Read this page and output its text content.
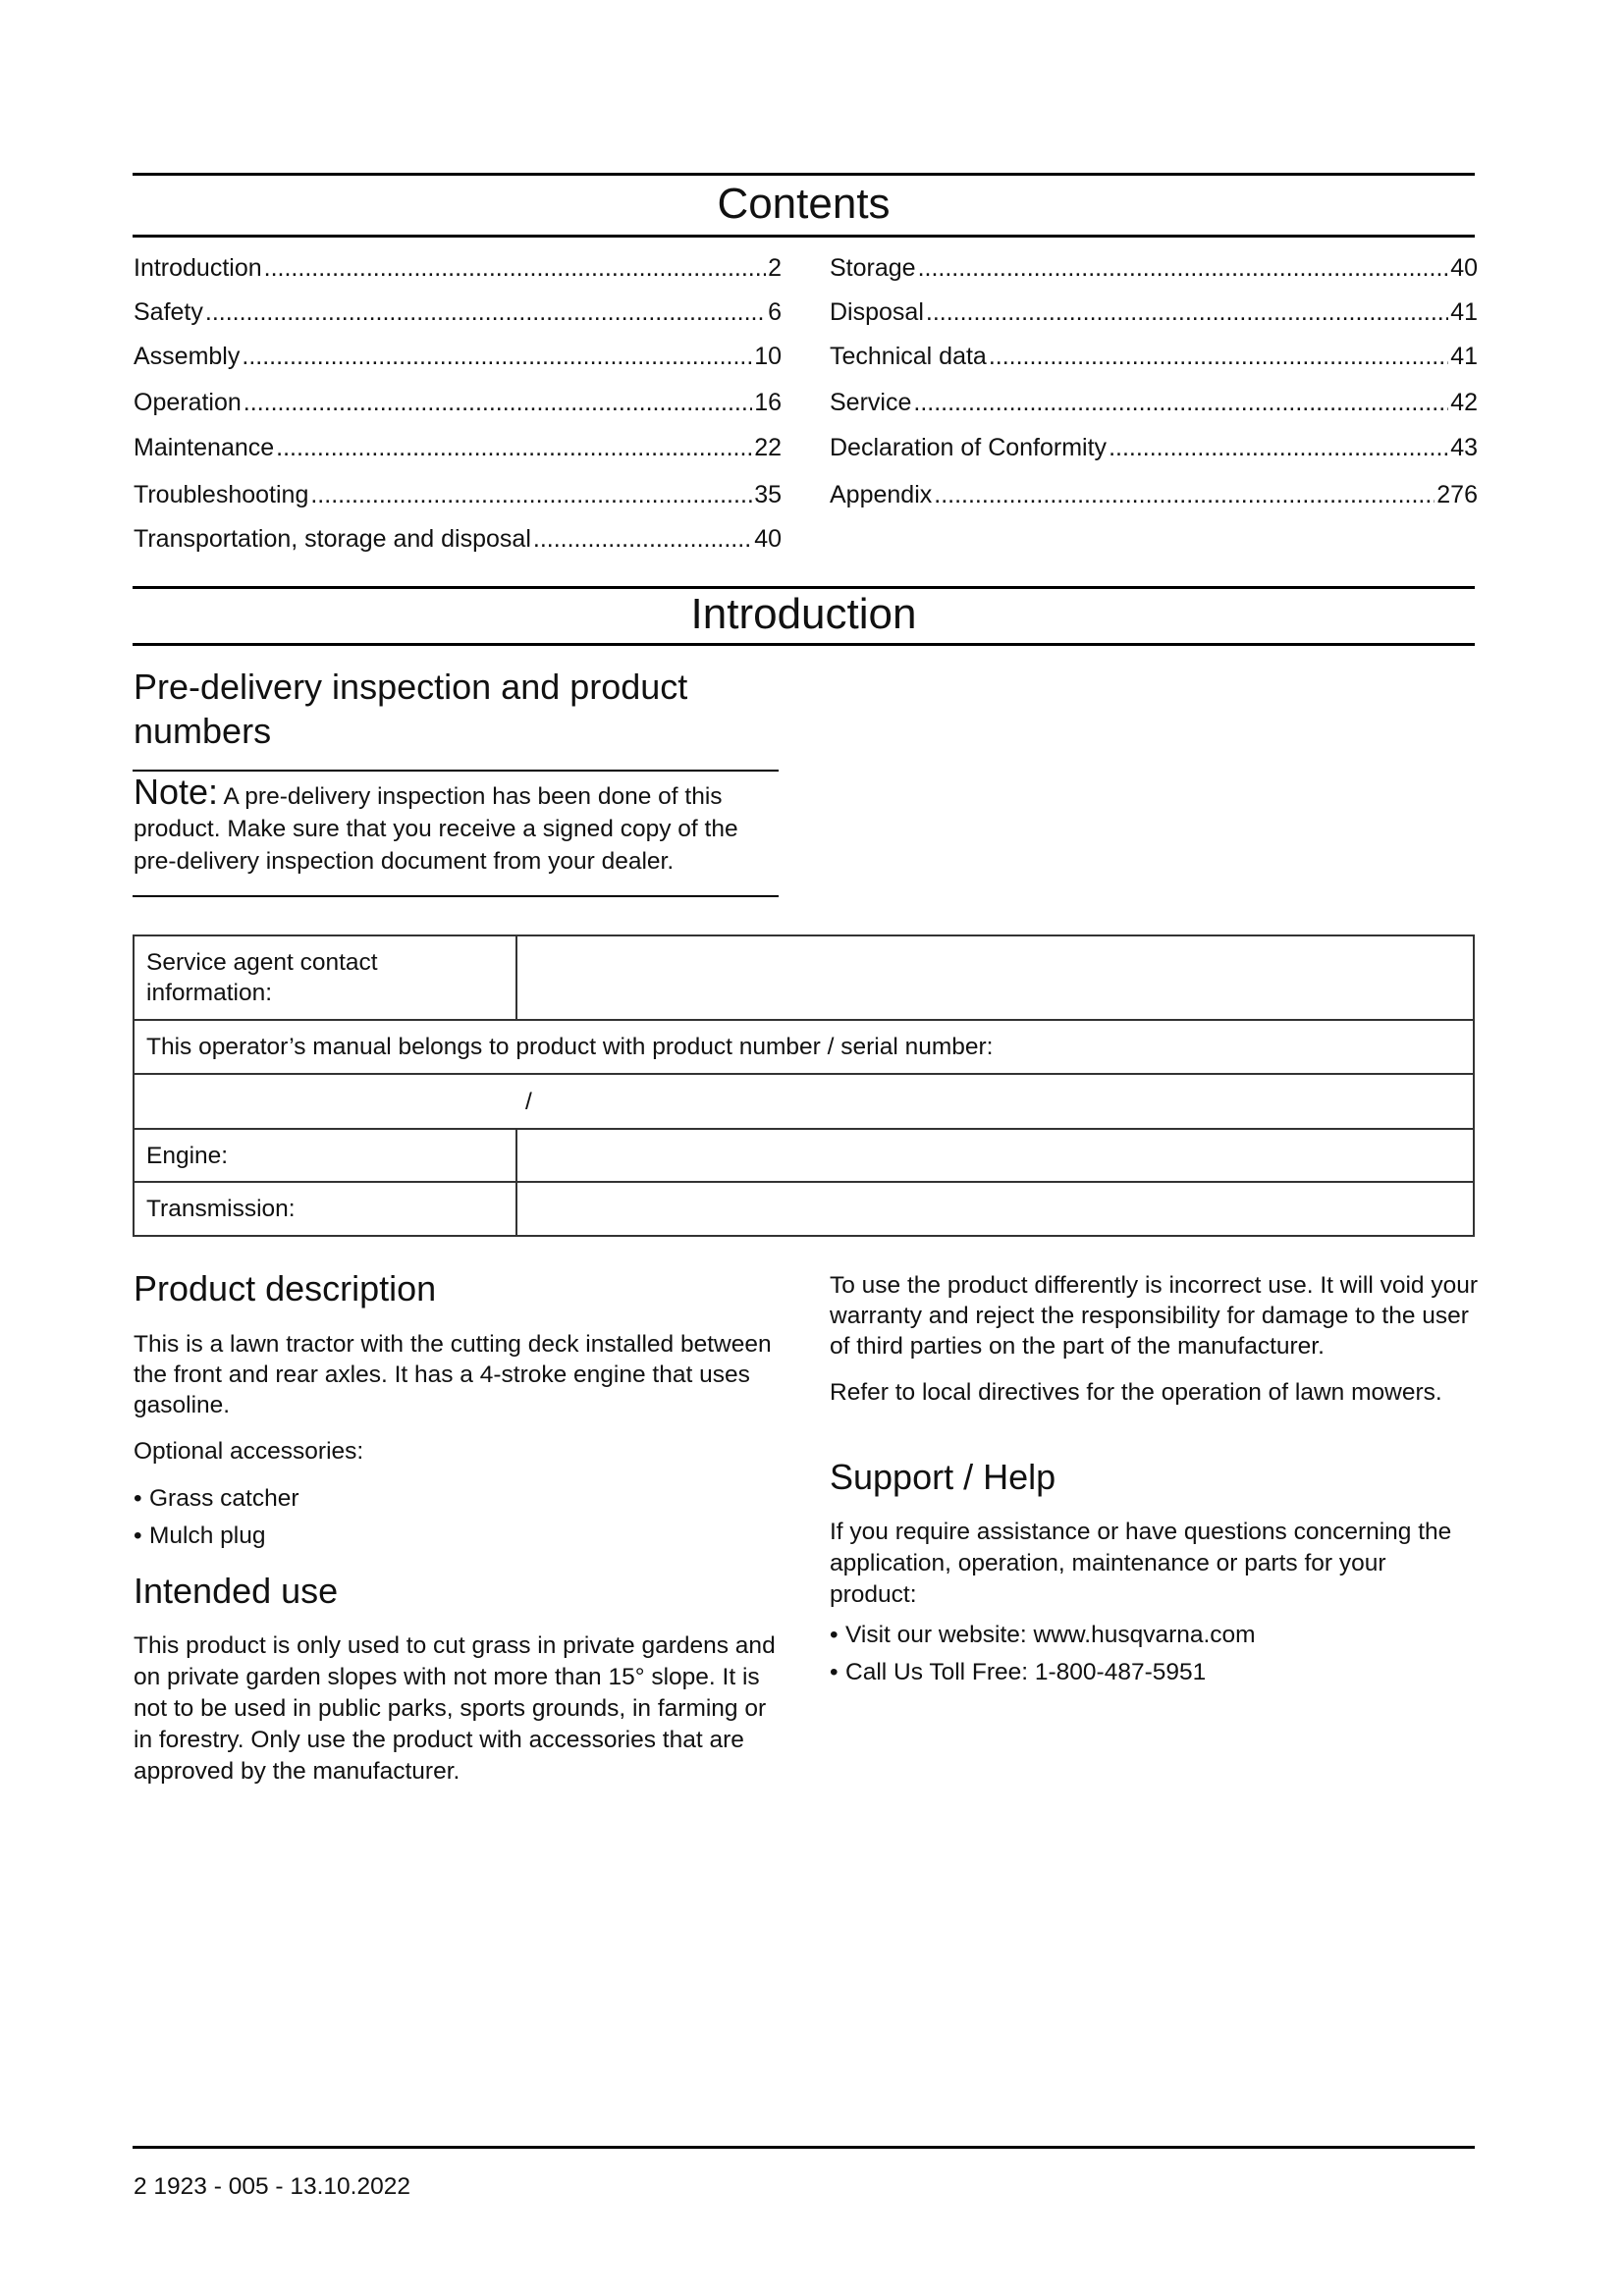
Contents
Introduction .....	2
Safety .....	6
Assembly .....	10
Operation .....	16
Maintenance .....	22
Troubleshooting .....	35
Transportation, storage and disposal .....	40
Storage .....	40
Disposal .....	41
Technical data .....	41
Service .....	42
Declaration of Conformity .....	43
Appendix .....	276
Introduction
Pre-delivery inspection and product numbers
Note: A pre-delivery inspection has been done of this product. Make sure that you receive a signed copy of the pre-delivery inspection document from your dealer.
Service agent contact information:	
This operator’s manual belongs to product with product number / serial number:	
/	
Engine:	
Transmission:	
Product description
This is a lawn tractor with the cutting deck installed between the front and rear axles. It has a 4-stroke engine that uses gasoline.
Optional accessories:
• Grass catcher
• Mulch plug
Intended use
This product is only used to cut grass in private gardens and on private garden slopes with not more than 15° slope. It is not to be used in public parks, sports grounds, in farming or in forestry. Only use the product with accessories that are approved by the manufacturer.
To use the product differently is incorrect use. It will void your warranty and reject the responsibility for damage to the user of third parties on the part of the manufacturer.
Refer to local directives for the operation of lawn mowers.
Support / Help
If you require assistance or have questions concerning the application, operation, maintenance or parts for your product:
• Visit our website: www.husqvarna.com
• Call Us Toll Free: 1-800-487-5951
2 1923 - 005 - 13.10.2022
